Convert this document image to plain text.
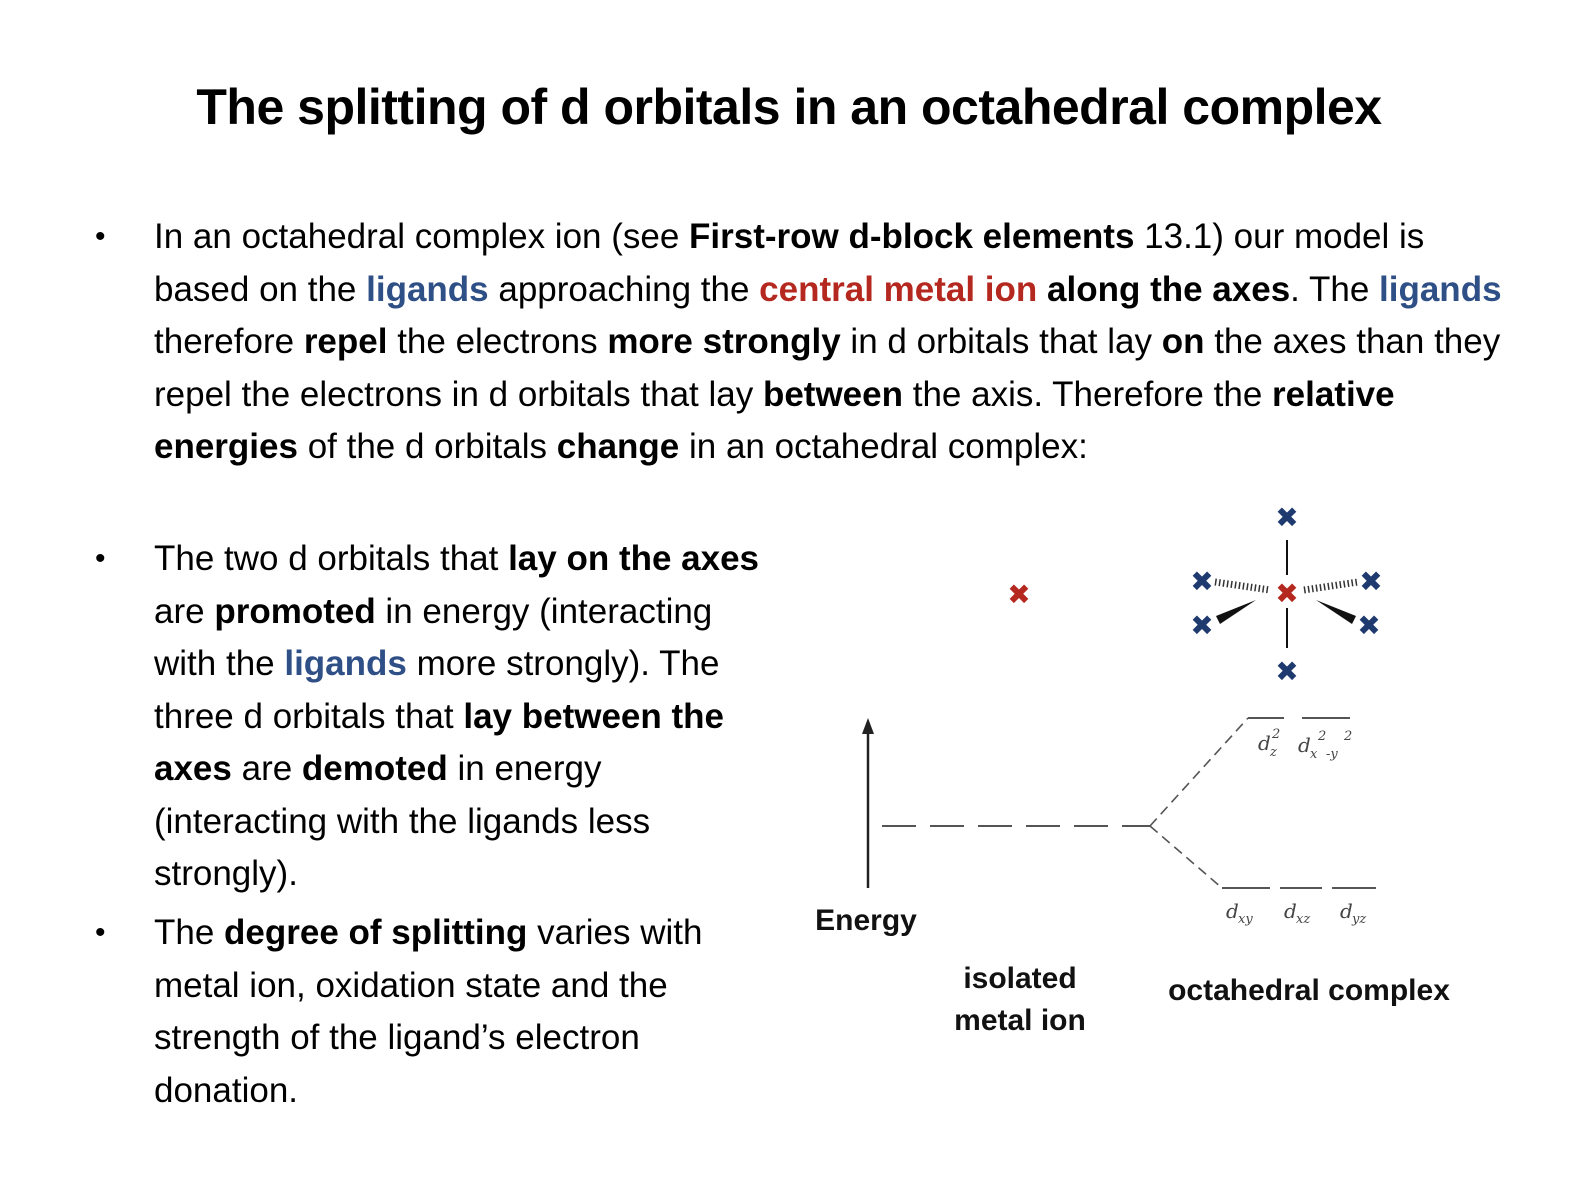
The splitting of d orbitals in an octahedral complex
• In an octahedral complex ion (see First-row d-block elements 13.1) our model is based on the ligands approaching the central metal ion along the axes. The ligands therefore repel the electrons more strongly in d orbitals that lay on the axes than they repel the electrons in d orbitals that lay between the axis. Therefore the relative energies of the d orbitals change in an octahedral complex:
• The two d orbitals that lay on the axes are promoted in energy (interacting with the ligands more strongly). The three d orbitals that lay between the axes are demoted in energy (interacting with the ligands less strongly).
• The degree of splitting varies with metal ion, oxidation state and the strength of the ligand’s electron donation.
Energy
d z
2 d x
2
-y
2
d xy d xz d yz
✖
✖
✖
✖	✖
✖	✖
✖
isolated
metal ion
octahedral complex
